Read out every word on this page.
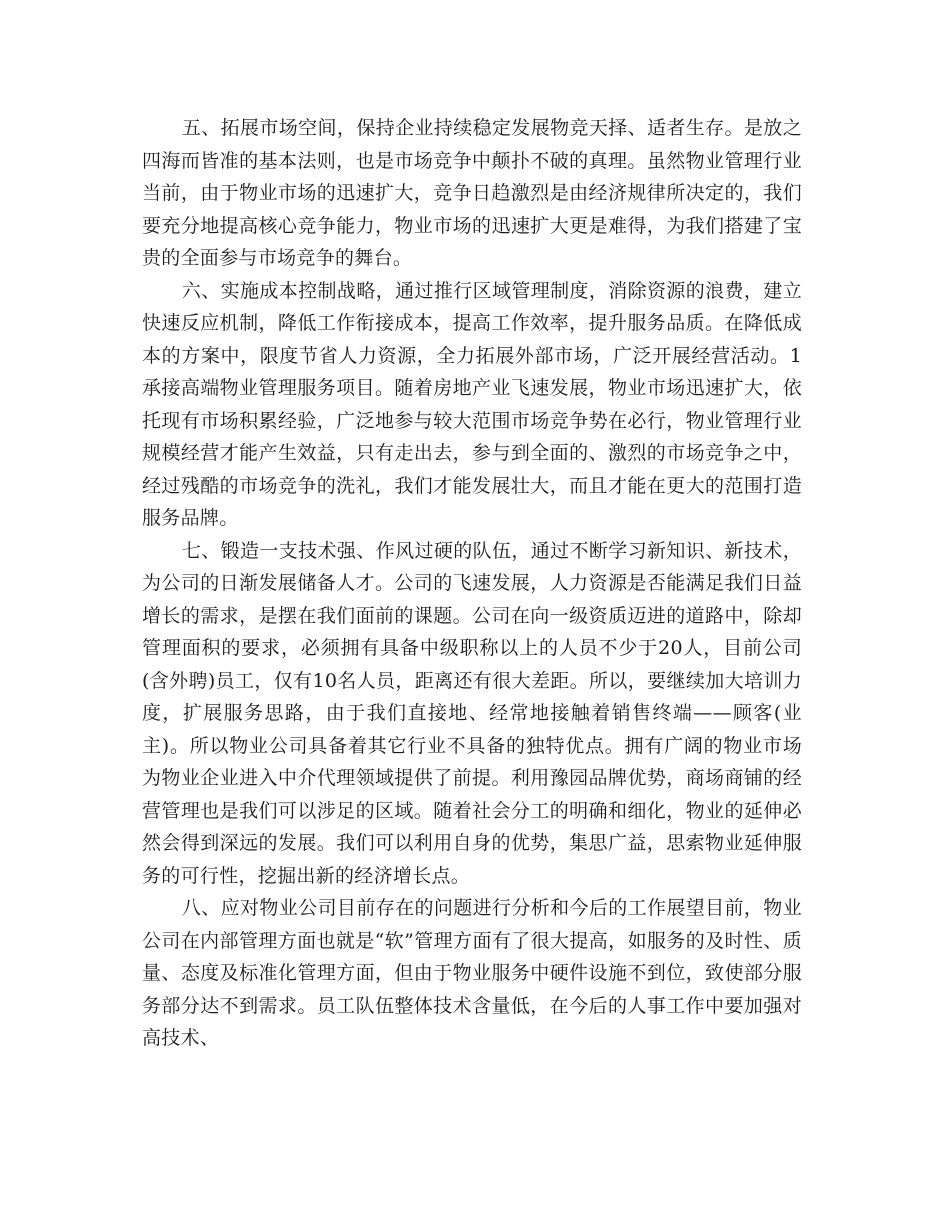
五、拓展市场空间，保持企业持续稳定发展物竞天择、适者生存。是放之四海而皆准的基本法则，也是市场竞争中颠扑不破的真理。虽然物业管理行业当前，由于物业市场的迅速扩大，竞争日趋激烈是由经济规律所决定的，我们要充分地提高核心竞争能力，物业市场的迅速扩大更是难得，为我们搭建了宝贵的全面参与市场竞争的舞台。

六、实施成本控制战略，通过推行区域管理制度，消除资源的浪费，建立快速反应机制，降低工作衔接成本，提高工作效率，提升服务品质。在降低成本的方案中，限度节省人力资源，全力拓展外部市场，广泛开展经营活动。1承接高端物业管理服务项目。随着房地产业飞速发展，物业市场迅速扩大，依托现有市场积累经验，广泛地参与较大范围市场竞争势在必行，物业管理行业规模经营才能产生效益，只有走出去，参与到全面的、激烈的市场竞争之中，经过残酷的市场竞争的洗礼，我们才能发展壮大，而且才能在更大的范围打造服务品牌。

七、锻造一支技术强、作风过硬的队伍，通过不断学习新知识、新技术，为公司的日渐发展储备人才。公司的飞速发展，人力资源是否能满足我们日益增长的需求，是摆在我们面前的课题。公司在向一级资质迈进的道路中，除却管理面积的要求，必须拥有具备中级职称以上的人员不少于20人，目前公司(含外聘)员工，仅有10名人员，距离还有很大差距。所以，要继续加大培训力度，扩展服务思路，由于我们直接地、经常地接触着销售终端——顾客(业主)。所以物业公司具备着其它行业不具备的独特优点。拥有广阔的物业市场为物业企业进入中介代理领域提供了前提。利用豫园品牌优势，商场商铺的经营管理也是我们可以涉足的区域。随着社会分工的明确和细化，物业的延伸必然会得到深远的发展。我们可以利用自身的优势，集思广益，思索物业延伸服务的可行性，挖掘出新的经济增长点。

八、应对物业公司目前存在的问题进行分析和今后的工作展望目前，物业公司在内部管理方面也就是“软”管理方面有了很大提高，如服务的及时性、质量、态度及标准化管理方面，但由于物业服务中硬件设施不到位，致使部分服务部分达不到需求。员工队伍整体技术含量低，在今后的人事工作中要加强对高技术、
